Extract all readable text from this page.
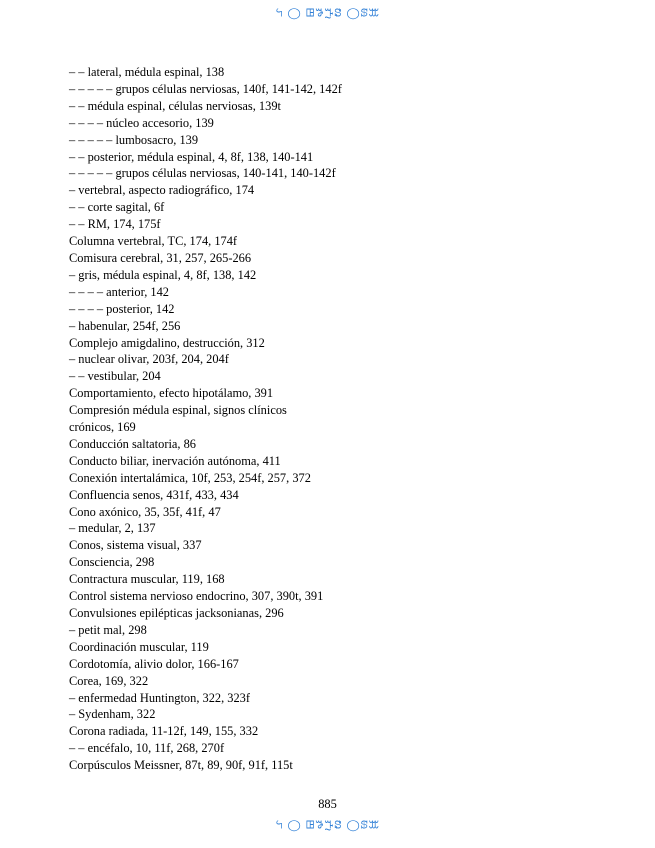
ꕪ ◯ ꖸꖃꔓꗟ ◯ꕷꕭ
– – lateral, médula espinal, 138
– – – – – grupos células nerviosas, 140f, 141-142, 142f
– – médula espinal, células nerviosas, 139t
– – – – núcleo accesorio, 139
– – – – – lumbosacro, 139
– – posterior, médula espinal, 4, 8f, 138, 140-141
– – – – – grupos células nerviosas, 140-141, 140-142f
– vertebral, aspecto radiográfico, 174
– – corte sagital, 6f
– – RM, 174, 175f
Columna vertebral, TC, 174, 174f
Comisura cerebral, 31, 257, 265-266
– gris, médula espinal, 4, 8f, 138, 142
– – – – anterior, 142
– – – – posterior, 142
– habenular, 254f, 256
Complejo amigdalino, destrucción, 312
– nuclear olivar, 203f, 204, 204f
– – vestibular, 204
Comportamiento, efecto hipotálamo, 391
Compresión médula espinal, signos clínicos
crónicos, 169
Conducción saltatoria, 86
Conducto biliar, inervación autónoma, 411
Conexión intertalámica, 10f, 253, 254f, 257, 372
Confluencia senos, 431f, 433, 434
Cono axónico, 35, 35f, 41f, 47
– medular, 2, 137
Conos, sistema visual, 337
Consciencia, 298
Contractura muscular, 119, 168
Control sistema nervioso endocrino, 307, 390t, 391
Convulsiones epilépticas jacksonianas, 296
– petit mal, 298
Coordinación muscular, 119
Cordotomía, alivio dolor, 166-167
Corea, 169, 322
– enfermedad Huntington, 322, 323f
– Sydenham, 322
Corona radiada, 11-12f, 149, 155, 332
– – encéfalo, 10, 11f, 268, 270f
Corpúsculos Meissner, 87t, 89, 90f, 91f, 115t
885
ꕪ ◯ ꖸꖃꔓꗟ ◯ꕷꕭ
